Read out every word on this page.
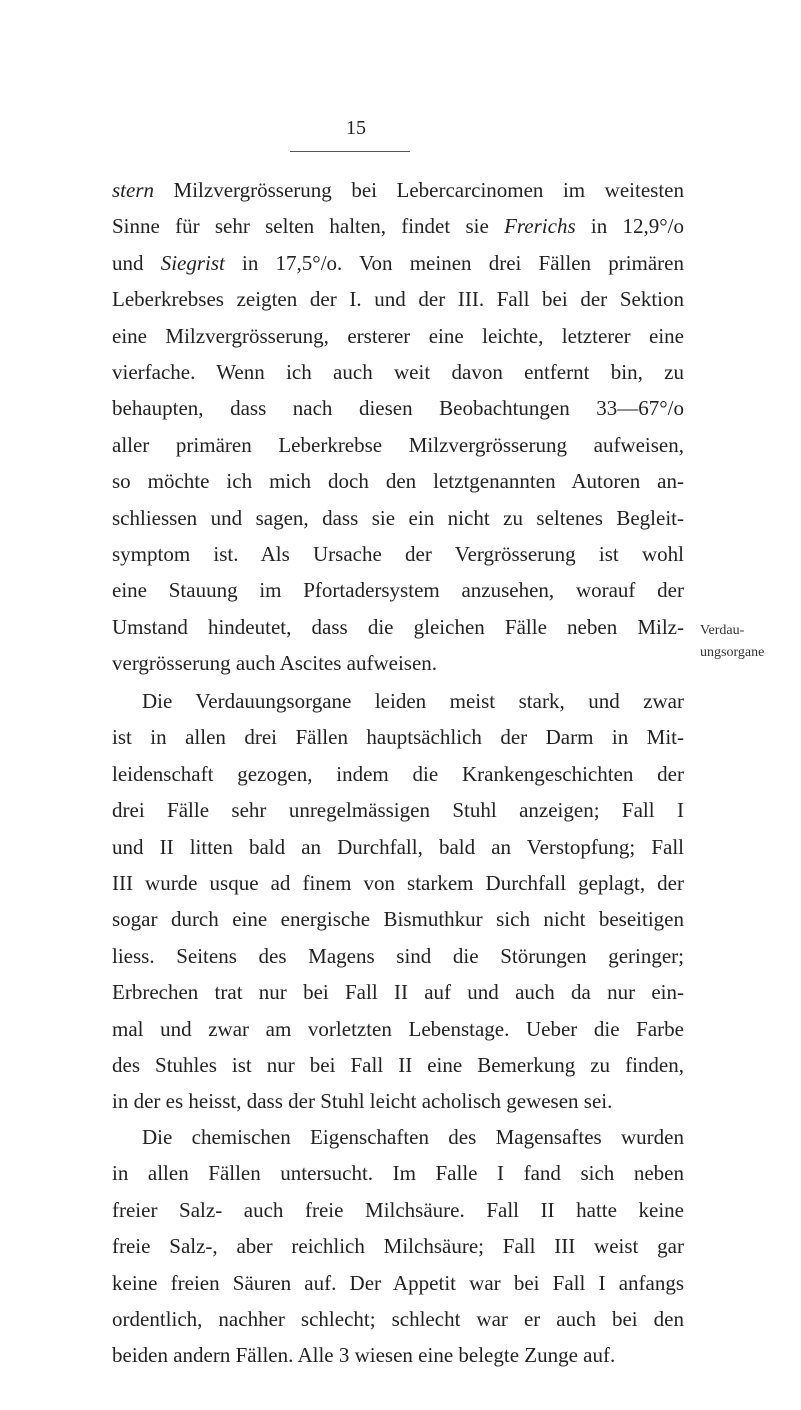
15
stern Milzvergrösserung bei Lebercarcinomen im weitesten
Sinne für sehr selten halten, findet sie Frerichs in 12,9°/o
und Siegrist in 17,5°/o. Von meinen drei Fällen primären
Leberkrebses zeigten der I. und der III. Fall bei der Sektion
eine Milzvergrösserung, ersterer eine leichte, letzterer eine
vierfache. Wenn ich auch weit davon entfernt bin, zu
behaupten, dass nach diesen Beobachtungen 33—67°/o
aller primären Leberkrebse Milzvergrösserung aufweisen,
so möchte ich mich doch den letztgenannten Autoren an-
schliessen und sagen, dass sie ein nicht zu seltenes Begleit-
symptom ist. Als Ursache der Vergrösserung ist wohl
eine Stauung im Pfortadersystem anzusehen, worauf der
Umstand hindeutet, dass die gleichen Fälle neben Milz-
vergrösserung auch Ascites aufweisen.
Die Verdauungsorgane leiden meist stark, und zwar
ist in allen drei Fällen hauptsächlich der Darm in Mit-
leidenschaft gezogen, indem die Krankengeschichten der
drei Fälle sehr unregelmässigen Stuhl anzeigen; Fall I
und II litten bald an Durchfall, bald an Verstopfung; Fall
III wurde usque ad finem von starkem Durchfall geplagt, der
sogar durch eine energische Bismuthkur sich nicht beseitigen
liess. Seitens des Magens sind die Störungen geringer;
Erbrechen trat nur bei Fall II auf und auch da nur ein-
mal und zwar am vorletzten Lebenstage. Ueber die Farbe
des Stuhles ist nur bei Fall II eine Bemerkung zu finden,
in der es heisst, dass der Stuhl leicht acholisch gewesen sei.
Die chemischen Eigenschaften des Magensaftes wurden
in allen Fällen untersucht. Im Falle I fand sich neben
freier Salz- auch freie Milchsäure. Fall II hatte keine
freie Salz-, aber reichlich Milchsäure; Fall III weist gar
keine freien Säuren auf. Der Appetit war bei Fall I anfangs
ordentlich, nachher schlecht; schlecht war er auch bei den
beiden andern Fällen. Alle 3 wiesen eine belegte Zunge auf.
Verdau-
ungsorgane
